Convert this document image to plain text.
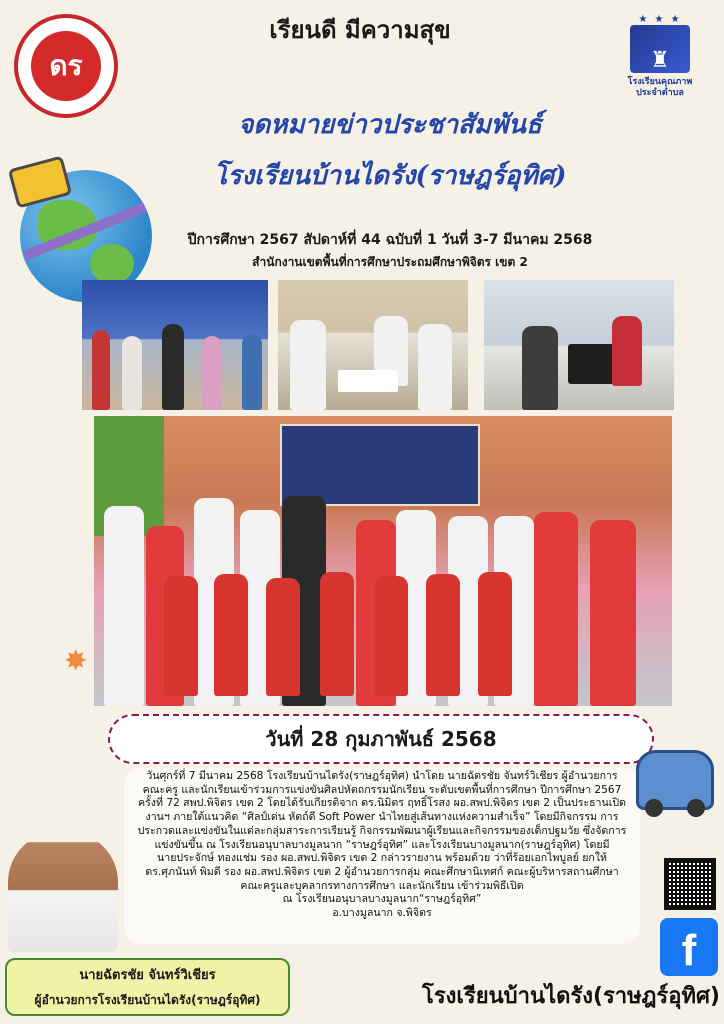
ดร
เรียนดี มีความสุข	★ ★ ★
♜
โรงเรียนคุณภาพ
ประจำตำบล
จดหมายข่าวประชาสัมพันธ์
โรงเรียนบ้านไดรัง(ราษฎร์อุทิศ)
ปีการศึกษา 2567 สัปดาห์ที่ 44 ฉบับที่ 1 วันที่ 3-7 มีนาคม 2568
สำนักงานเขตพื้นที่การศึกษาประถมศึกษาพิจิตร เขต 2
✸
วันที่ 28 กุมภาพันธ์ 2568
วันศุกร์ที่ 7 มีนาคม 2568 โรงเรียนบ้านไดรัง(ราษฎร์อุทิศ) นำโดย นายฉัตรชัย จันทร์วิเชียร ผู้อำนวยการ
คณะครู และนักเรียนเข้าร่วมการแข่งขันศิลปหัตถกรรมนักเรียน ระดับเขตพื้นที่การศึกษา ปีการศึกษา 2567
ครั้งที่ 72 สพป.พิจิตร เขต 2 โดยได้รับเกียรติจาก ดร.นิมิตร ฤทธิ์โรสง ผอ.สพป.พิจิตร เขต 2 เป็นประธานเปิด
งานฯ ภายใต้แนวคิด “ศิลป์เด่น หัตถ์ดี Soft Power นำไทยสู่เส้นทางแห่งความสำเร็จ” โดยมีกิจกรรม การ
ประกวดและแข่งขันในแต่ละกลุ่มสาระการเรียนรู้ กิจกรรมพัฒนาผู้เรียนและกิจกรรมของเด็กปฐมวัย ซึ่งจัดการ
แข่งขันขึ้น ณ โรงเรียนอนุบาลบางมูลนาก “ราษฎร์อุทิศ” และโรงเรียนบางมูลนาก(ราษฎร์อุทิศ) โดยมี
นายประจักษ์ ทองแช่ม รอง ผอ.สพป.พิจิตร เขต 2 กล่าวรายงาน พร้อมด้วย ว่าที่ร้อยเอกไพบูลย์ ยกให้
ดร.ศุภนันท์ พิมดี รอง ผอ.สพป.พิจิตร เขต 2 ผู้อำนวยการกลุ่ม คณะศึกษานิเทศก์ คณะผู้บริหารสถานศึกษา
คณะครูและบุคลากรทางการศึกษา และนักเรียน เข้าร่วมพิธีเปิด
ณ โรงเรียนอนุบาลบางมูลนาก“ราษฎร์อุทิศ”
อ.บางมูลนาก จ.พิจิตร
นายฉัตรชัย จันทร์วิเชียร
ผู้อำนวยการโรงเรียนบ้านไดรัง(ราษฎร์อุทิศ)	โรงเรียนบ้านไดรัง(ราษฎร์อุทิศ)
f
